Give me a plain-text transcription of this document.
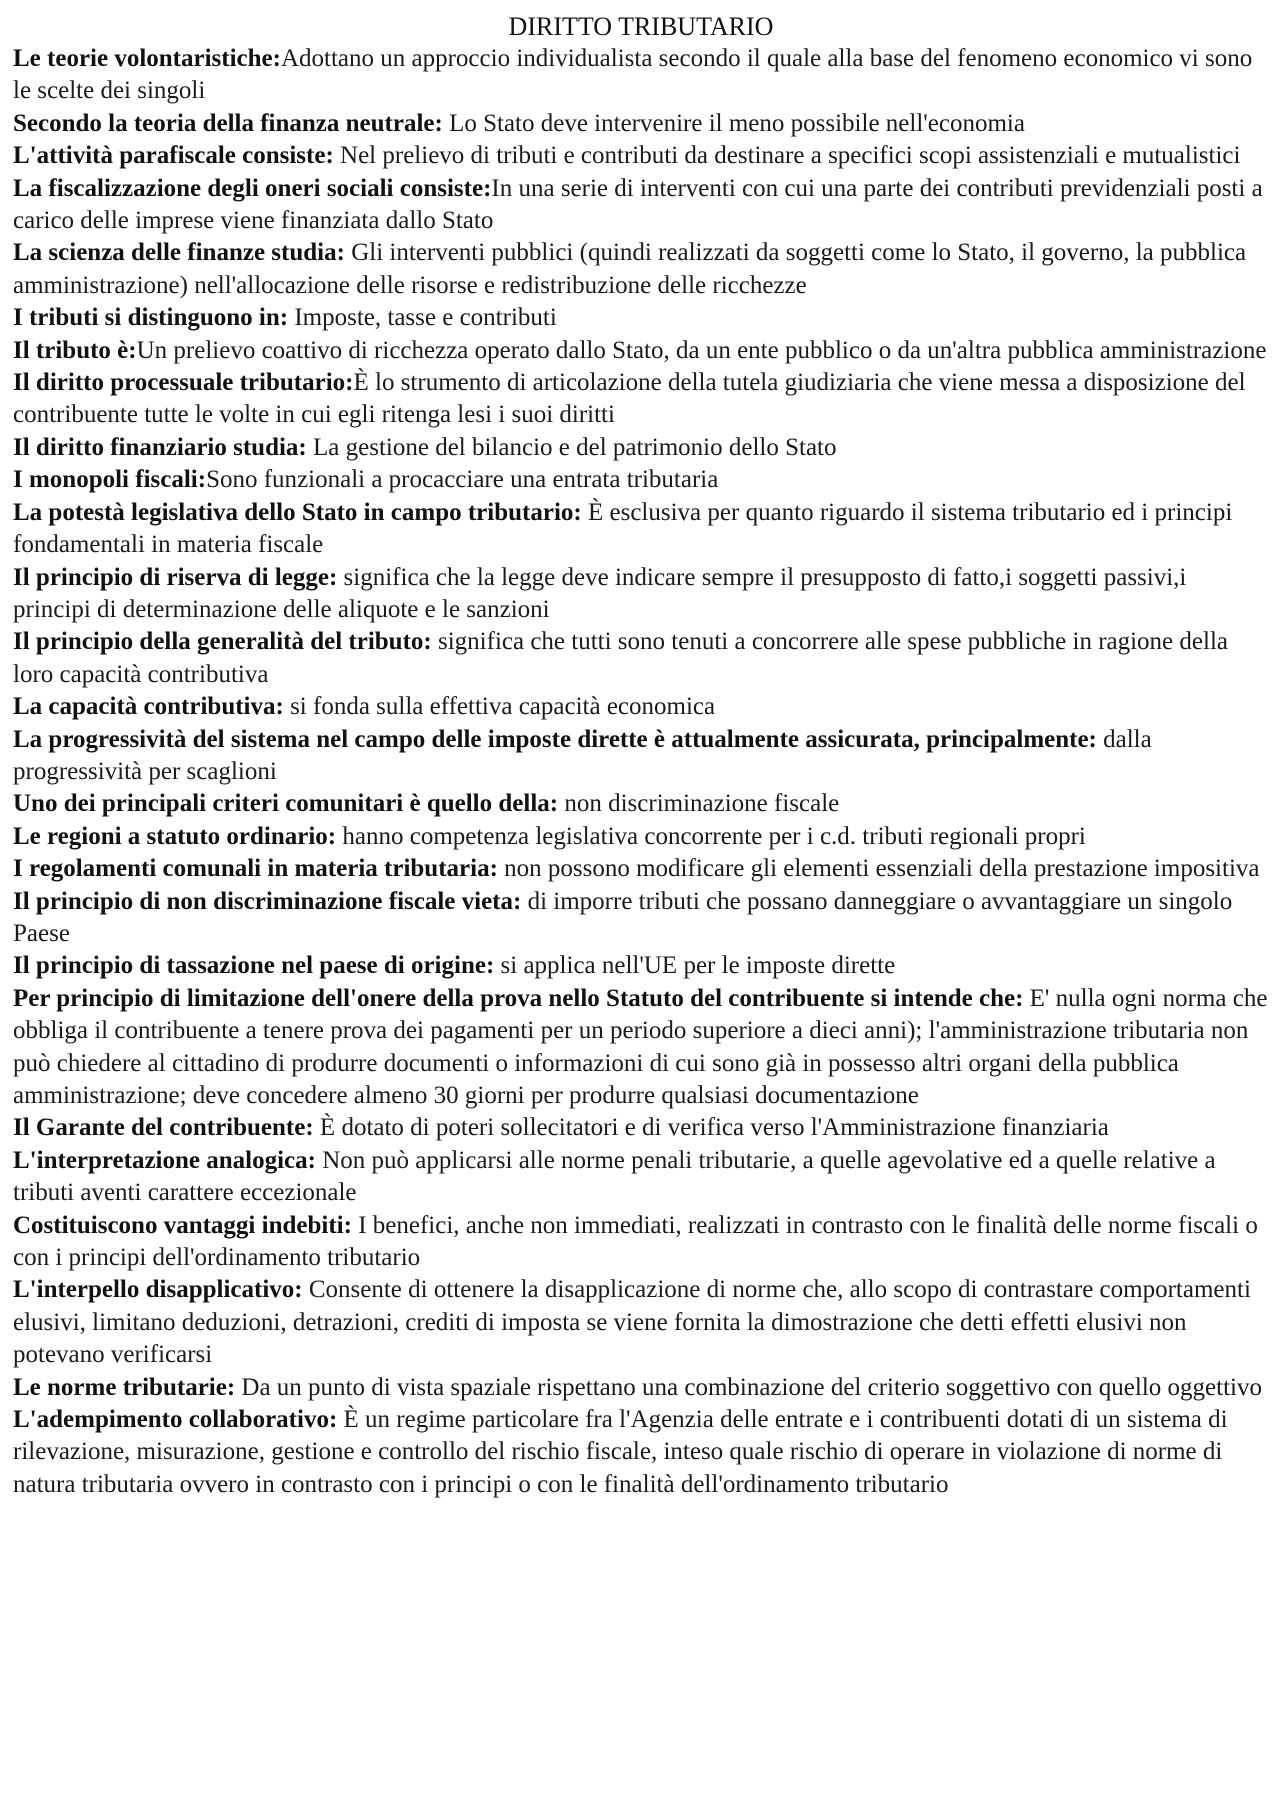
DIRITTO TRIBUTARIO

Le teorie volontaristiche:Adottano un approccio individualista secondo il quale alla base del fenomeno economico vi sono le scelte dei singoli

Secondo la teoria della finanza neutrale: Lo Stato deve intervenire il meno possibile nell'economia

L'attività parafiscale consiste: Nel prelievo di tributi e contributi da destinare a specifici scopi assistenziali e mutualistici

La fiscalizzazione degli oneri sociali consiste:In una serie di interventi con cui una parte dei contributi previdenziali posti a carico delle imprese viene finanziata dallo Stato

La scienza delle finanze studia: Gli interventi pubblici (quindi realizzati da soggetti come lo Stato, il governo, la pubblica amministrazione) nell'allocazione delle risorse e redistribuzione delle ricchezze

I tributi si distinguono in: Imposte, tasse e contributi

Il tributo è:Un prelievo coattivo di ricchezza operato dallo Stato, da un ente pubblico o da un'altra pubblica amministrazione

Il diritto processuale tributario:È lo strumento di articolazione della tutela giudiziaria che viene messa a disposizione del contribuente tutte le volte in cui egli ritenga lesi i suoi diritti

Il diritto finanziario studia: La gestione del bilancio e del patrimonio dello Stato

I monopoli fiscali:Sono funzionali a procacciare una entrata tributaria

La potestà legislativa dello Stato in campo tributario: È esclusiva per quanto riguardo il sistema tributario ed i principi fondamentali in materia fiscale

Il principio di riserva di legge: significa che la legge deve indicare sempre il presupposto di fatto,i soggetti passivi,i principi di determinazione delle aliquote e le sanzioni

Il principio della generalità del tributo: significa che tutti sono tenuti a concorrere alle spese pubbliche in ragione della loro capacità contributiva

La capacità contributiva: si fonda sulla effettiva capacità economica

La progressività del sistema nel campo delle imposte dirette è attualmente assicurata, principalmente: dalla progressività per scaglioni

Uno dei principali criteri comunitari è quello della: non discriminazione fiscale

Le regioni a statuto ordinario: hanno competenza legislativa concorrente per i c.d. tributi regionali propri

I regolamenti comunali in materia tributaria: non possono modificare gli elementi essenziali della prestazione impositiva

Il principio di non discriminazione fiscale vieta: di imporre tributi che possano danneggiare o avvantaggiare un singolo Paese

Il principio di tassazione nel paese di origine: si applica nell'UE per le imposte dirette

Per principio di limitazione dell'onere della prova nello Statuto del contribuente si intende che: E' nulla ogni norma che obbliga il contribuente a tenere prova dei pagamenti per un periodo superiore a dieci anni); l'amministrazione tributaria non può chiedere al cittadino di produrre documenti o informazioni di cui sono già in possesso altri organi della pubblica amministrazione; deve concedere almeno 30 giorni per produrre qualsiasi documentazione

Il Garante del contribuente: È dotato di poteri sollecitatori e di verifica verso l'Amministrazione finanziaria

L'interpretazione analogica: Non può applicarsi alle norme penali tributarie, a quelle agevolative ed a quelle relative a tributi aventi carattere eccezionale

Costituiscono vantaggi indebiti: I benefici, anche non immediati, realizzati in contrasto con le finalità delle norme fiscali o con i principi dell'ordinamento tributario

L'interpello disapplicativo: Consente di ottenere la disapplicazione di norme che, allo scopo di contrastare comportamenti elusivi, limitano deduzioni, detrazioni, crediti di imposta se viene fornita la dimostrazione che detti effetti elusivi non potevano verificarsi

Le norme tributarie: Da un punto di vista spaziale rispettano una combinazione del criterio soggettivo con quello oggettivo

L'adempimento collaborativo: È un regime particolare fra l'Agenzia delle entrate e i contribuenti dotati di un sistema di rilevazione, misurazione, gestione e controllo del rischio fiscale, inteso quale rischio di operare in violazione di norme di natura tributaria ovvero in contrasto con i principi o con le finalità dell'ordinamento tributario
